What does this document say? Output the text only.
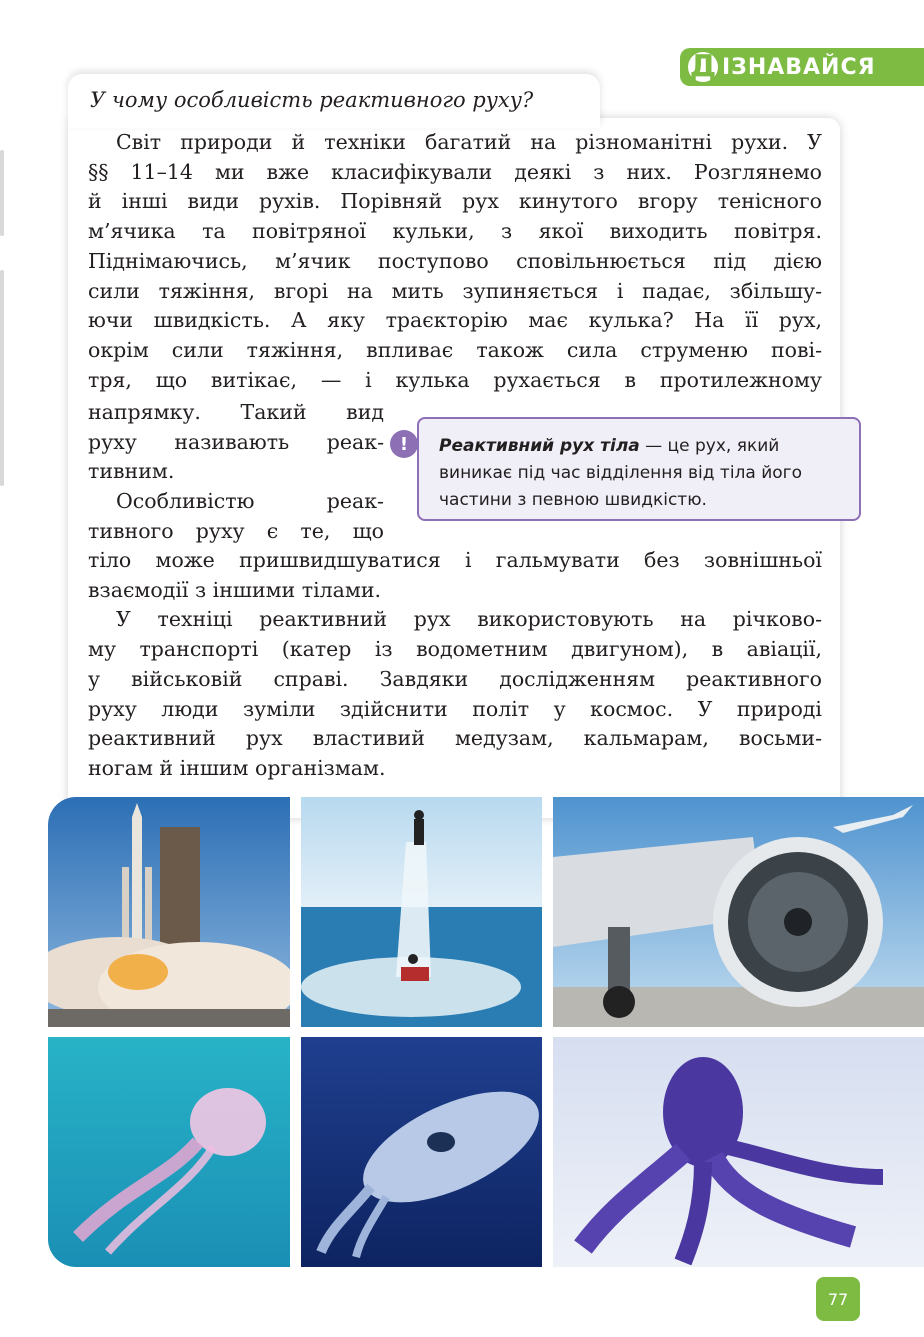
Д ІЗНАВАЙСЯ
У чому особливість реактивного руху?
Світ природи й техніки багатий на різноманітні рухи. У
§§ 11–14 ми вже класифікували деякі з них. Розглянемо
й інші види рухів. Порівняй рух кинутого вгору тенісного
м’ячика та повітряної кульки, з якої виходить повітря.
Піднімаючись, м’ячик поступово сповільнюється під дією
сили тяжіння, вгорі на мить зупиняється і падає, збільшу-
ючи швидкість. А яку траєкторію має кулька? На її рух,
окрім сили тяжіння, впливає також сила струменю пові-
тря, що витікає, — і кулька рухається в протилежному
напрямку. Такий вид
руху називають реак-
тивним.
Особливістю реак-
тивного руху є те, що
тіло може пришвидшуватися і гальмувати без зовнішньої
взаємодії з іншими тілами.
У техніці реактивний рух використовують на річково-
му транспорті (катер із водометним двигуном), в авіації,
у військовій справі. Завдяки дослідженням реактивного
руху люди зуміли здійснити політ у космос. У природі
реактивний рух властивий медузам, кальмарам, восьми-
ногам й іншим організмам.
!	Реактивний рух тіла — це рух, який виникає під час відділення від тіла його частини з певною швидкістю.
77
